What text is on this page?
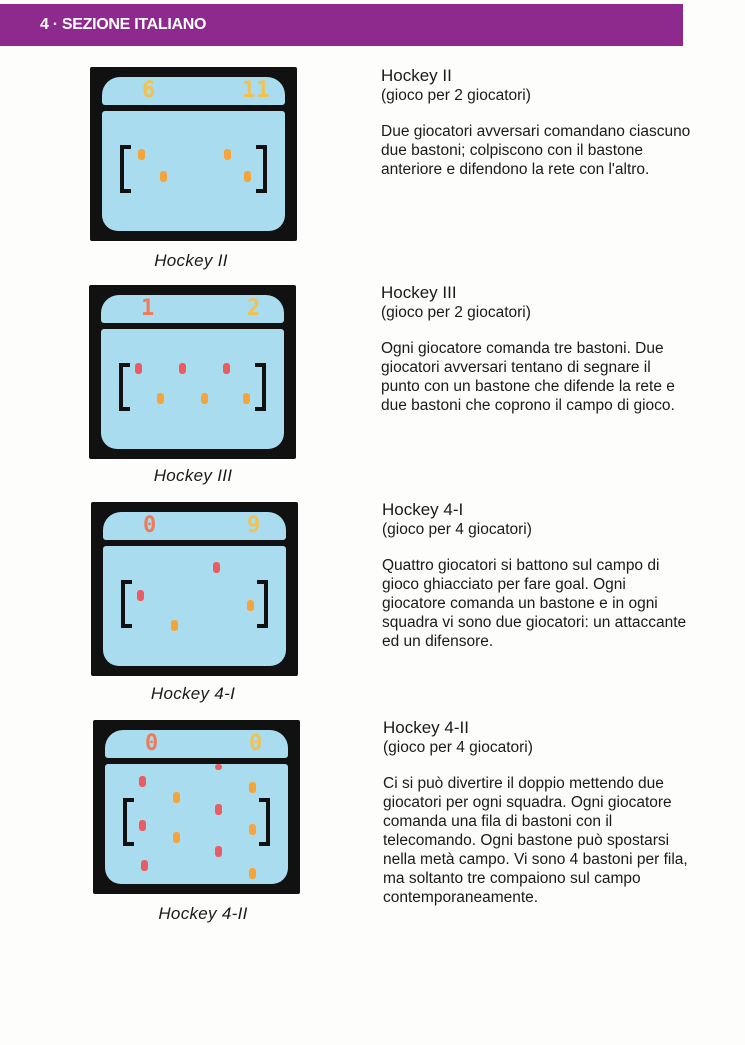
4 · SEZIONE ITALIANO
6	11
Hockey II
Hockey II
(gioco per 2 giocatori)
Due giocatori avversari comandano ciascuno due bastoni; colpiscono con il bastone anteriore e difendono la rete con l'altro.
1	2
Hockey III
Hockey III
(gioco per 2 giocatori)
Ogni giocatore comanda tre bastoni. Due giocatori avversari tentano di segnare il punto con un bastone che difende la rete e due bastoni che coprono il campo di gioco.
0	9
Hockey 4-I
Hockey 4-I
(gioco per 4 giocatori)
Quattro giocatori si battono sul campo di gioco ghiacciato per fare goal. Ogni giocatore comanda un bastone e in ogni squadra vi sono due giocatori: un attaccante ed un difensore.
0	0
Hockey 4-II
Hockey 4-II
(gioco per 4 giocatori)
Ci si può divertire il doppio mettendo due giocatori per ogni squadra. Ogni giocatore comanda una fila di bastoni con il telecomando. Ogni bastone può spostarsi nella metà campo. Vi sono 4 bastoni per fila, ma soltanto tre compaiono sul campo contemporaneamente.
